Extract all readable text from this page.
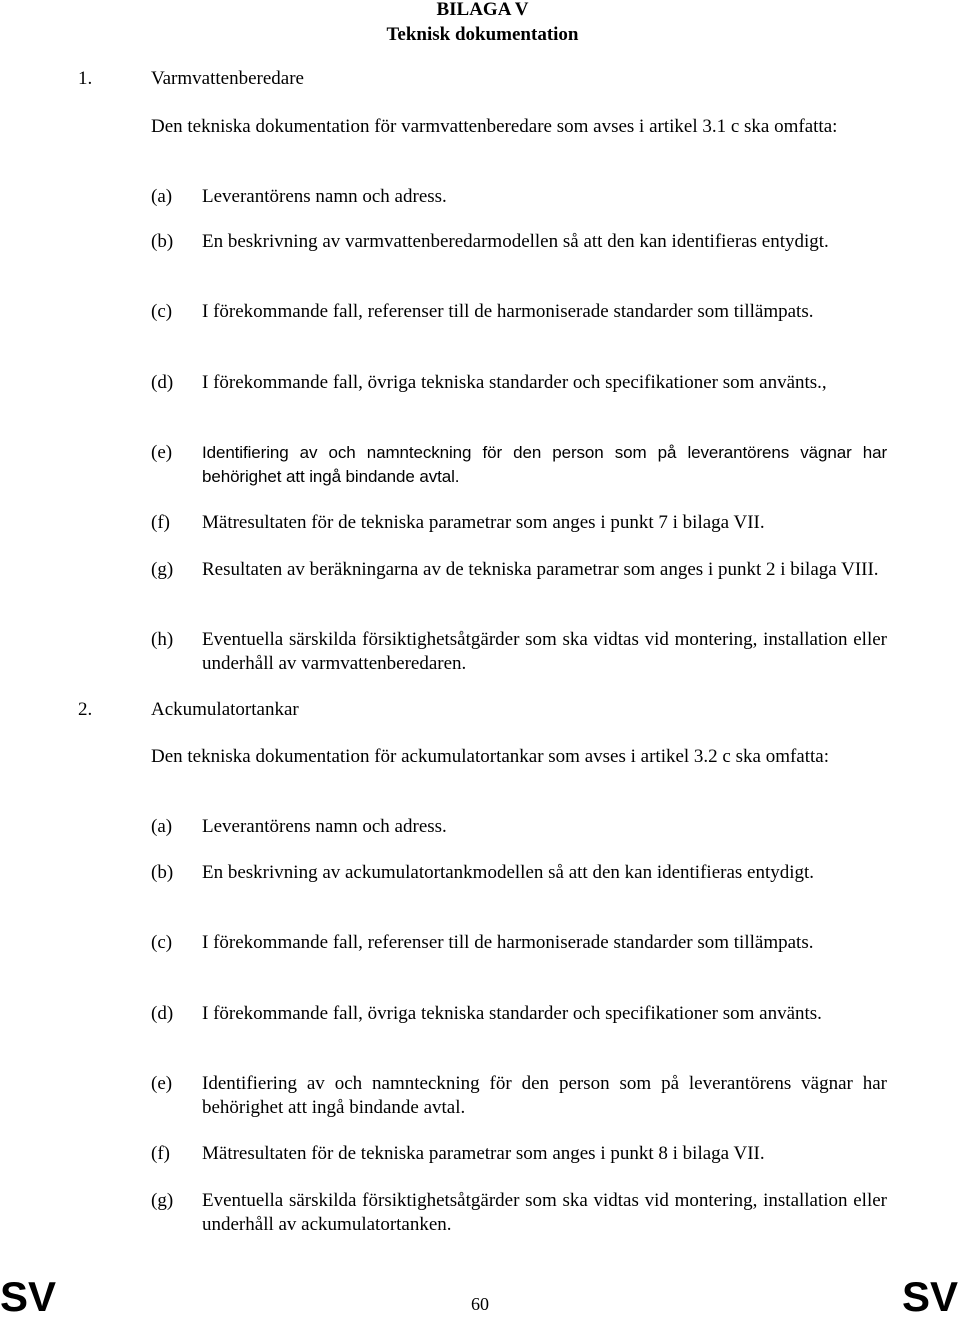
BILAGA V
Teknisk dokumentation
1.	Varmvattenberedare
Den tekniska dokumentation för varmvattenberedare som avses i artikel 3.1 c ska omfatta:
(a) Leverantörens namn och adress.
(b) En beskrivning av varmvattenberedarmodellen så att den kan identifieras entydigt.
(c) I förekommande fall, referenser till de harmoniserade standarder som tillämpats.
(d) I förekommande fall, övriga tekniska standarder och specifikationer som använts.,
(e) Identifiering av och namnteckning för den person som på leverantörens vägnar har behörighet att ingå bindande avtal.
(f) Mätresultaten för de tekniska parametrar som anges i punkt 7 i bilaga VII.
(g) Resultaten av beräkningarna av de tekniska parametrar som anges i punkt 2 i bilaga VIII.
(h) Eventuella särskilda försiktighetsåtgärder som ska vidtas vid montering, installation eller underhåll av varmvattenberedaren.
2.	Ackumulatortankar
Den tekniska dokumentation för ackumulatortankar som avses i artikel 3.2 c ska omfatta:
(a) Leverantörens namn och adress.
(b) En beskrivning av ackumulatortankmodellen så att den kan identifieras entydigt.
(c) I förekommande fall, referenser till de harmoniserade standarder som tillämpats.
(d) I förekommande fall, övriga tekniska standarder och specifikationer som använts.
(e) Identifiering av och namnteckning för den person som på leverantörens vägnar har behörighet att ingå bindande avtal.
(f) Mätresultaten för de tekniska parametrar som anges i punkt 8 i bilaga VII.
(g) Eventuella särskilda försiktighetsåtgärder som ska vidtas vid montering, installation eller underhåll av ackumulatortanken.
SV	60	SV
